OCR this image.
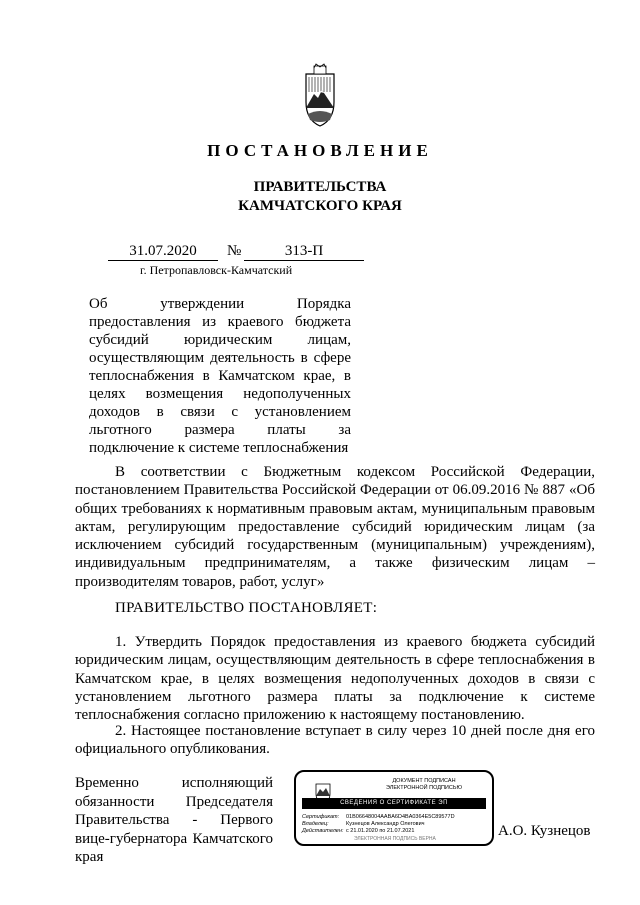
ПОСТАНОВЛЕНИЕ
ПРАВИТЕЛЬСТВА
КАМЧАТСКОГО КРАЯ
31.07.2020	№	313-П
г. Петропавловск-Камчатский
Об утверждении Порядка предоставления из краевого бюджета субсидий юридическим лицам, осуществляющим деятельность в сфере теплоснабжения в Камчатском крае, в целях возмещения недополученных доходов в связи с установлением льготного размера платы за подключение к системе теплоснабжения
В соответствии с Бюджетным кодексом Российской Федерации, постановлением Правительства Российской Федерации от 06.09.2016 № 887 «Об общих требованиях к нормативным правовым актам, муниципальным правовым актам, регулирующим предоставление субсидий юридическим лицам (за исключением субсидий государственным (муниципальным) учреждениям), индивидуальным предпринимателям, а также физическим лицам – производителям товаров, работ, услуг»
ПРАВИТЕЛЬСТВО ПОСТАНОВЛЯЕТ:
1. Утвердить Порядок предоставления из краевого бюджета субсидий юридическим лицам, осуществляющим деятельность в сфере теплоснабжения в Камчатском крае, в целях возмещения недополученных доходов в связи с установлением льготного размера платы за подключение к системе теплоснабжения согласно приложению к настоящему постановлению.
2. Настоящее постановление вступает в силу через 10 дней после дня его официального опубликования.
Временно исполняющий обязанности Председателя Правительства - Первого вице-губернатора Камчатского края
ДОКУМЕНТ ПОДПИСАН
ЭЛЕКТРОННОЙ ПОДПИСЬЮ
СВЕДЕНИЯ О СЕРТИФИКАТЕ ЭП
Сертификат: 01B06648004AABA6D4BA0364E5C89577D
Владелец:	Кузнецов Александр Олегович
Действителен: с 21.01.2020 по 21.07.2021
ЭЛЕКТРОННАЯ ПОДПИСЬ ВЕРНА	А.О. Кузнецов
